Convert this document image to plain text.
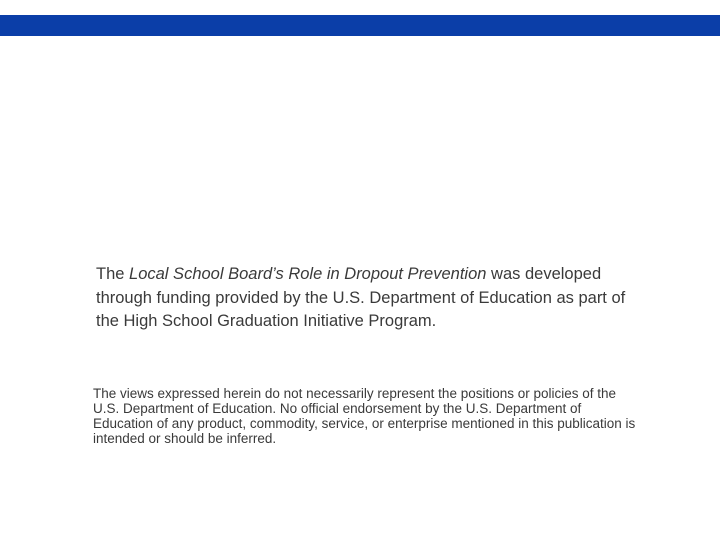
The Local School Board’s Role in Dropout Prevention was developed through funding provided by the U.S. Department of Education as part of the High School Graduation Initiative Program.

The views expressed herein do not necessarily represent the positions or policies of the U.S. Department of Education. No official endorsement by the U.S. Department of Education of any product, commodity, service, or enterprise mentioned in this publication is intended or should be inferred.
